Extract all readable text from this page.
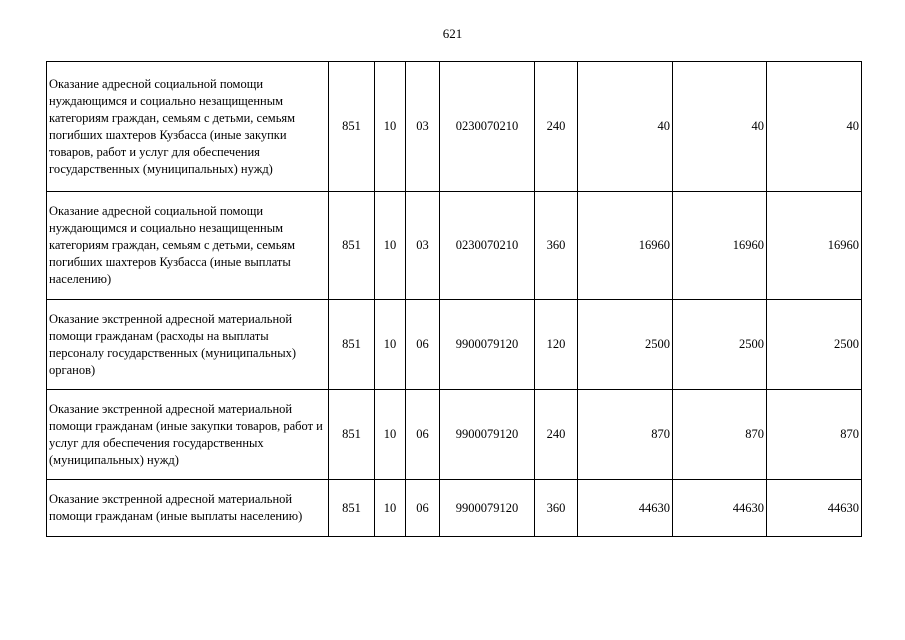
621
Оказание адресной социальной помощи нуждающимся и социально незащищенным категориям граждан, семьям с детьми, семьям погибших шахтеров Кузбасса (иные закупки товаров, работ и услуг для обеспечения государственных (муниципальных) нужд)	851	10	03	0230070210	240	40	40	40
Оказание адресной социальной помощи нуждающимся и социально незащищенным категориям граждан, семьям с детьми, семьям погибших шахтеров Кузбасса (иные выплаты населению)	851	10	03	0230070210	360	16960	16960	16960
Оказание экстренной адресной материальной помощи гражданам (расходы на выплаты персоналу государственных (муниципальных) органов)	851	10	06	9900079120	120	2500	2500	2500
Оказание экстренной адресной материальной помощи гражданам (иные закупки товаров, работ и услуг для обеспечения государственных (муниципальных) нужд)	851	10	06	9900079120	240	870	870	870
Оказание экстренной адресной материальной помощи гражданам (иные выплаты населению)	851	10	06	9900079120	360	44630	44630	44630
